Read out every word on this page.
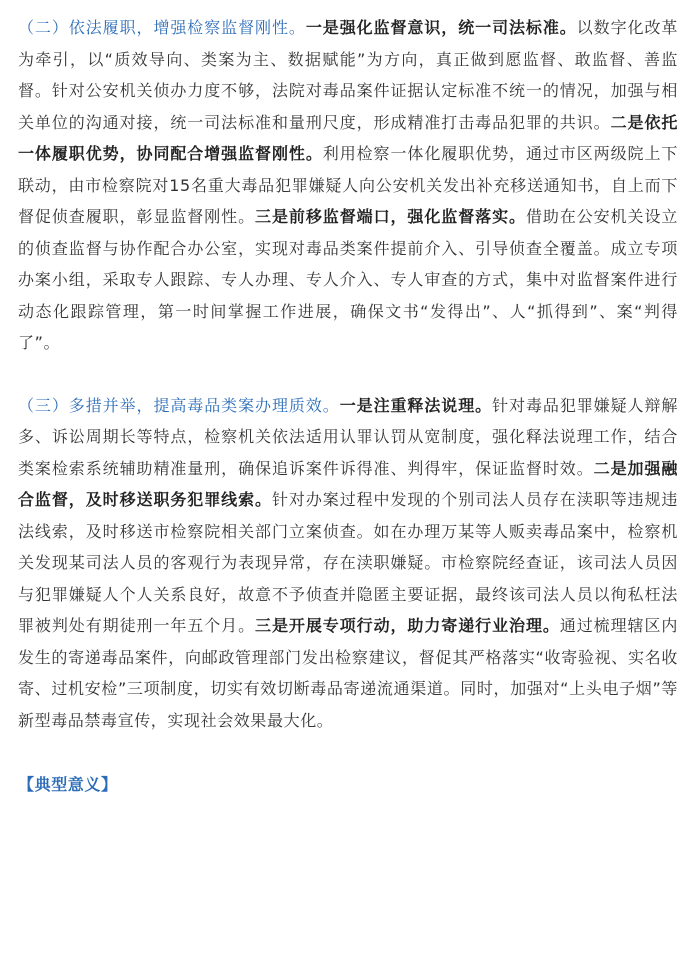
（二）依法履职，增强检察监督刚性。一是强化监督意识，统一司法标准。以数字化改革为牵引，以“质效导向、类案为主、数据赋能”为方向，真正做到愿监督、敢监督、善监督。针对公安机关侦办力度不够，法院对毒品案件证据认定标准不统一的情况，加强与相关单位的沟通对接，统一司法标准和量刑尺度，形成精准打击毒品犯罪的共识。二是依托一体履职优势，协同配合增强监督刚性。利用检察一体化履职优势，通过市区两级院上下联动，由市检察院对15名重大毒品犯罪嫌疑人向公安机关发出补充移送通知书，自上而下督促侦查履职，彰显监督刚性。三是前移监督端口，强化监督落实。借助在公安机关设立的侦查监督与协作配合办公室，实现对毒品类案件提前介入、引导侦查全覆盖。成立专项办案小组，采取专人跟踪、专人办理、专人介入、专人审查的方式，集中对监督案件进行动态化跟踪管理，第一时间掌握工作进展，确保文书“发得出”、人“抓得到”、案“判得了”。

（三）多措并举，提高毒品类案办理质效。一是注重释法说理。针对毒品犯罪嫌疑人辩解多、诉讼周期长等特点，检察机关依法适用认罪认罚从宽制度，强化释法说理工作，结合类案检索系统辅助精准量刑，确保追诉案件诉得准、判得牢，保证监督时效。二是加强融合监督，及时移送职务犯罪线索。针对办案过程中发现的个别司法人员存在渎职等违规违法线索，及时移送市检察院相关部门立案侦查。如在办理万某等人贩卖毒品案中，检察机关发现某司法人员的客观行为表现异常，存在渎职嫌疑。市检察院经查证，该司法人员因与犯罪嫌疑人个人关系良好，故意不予侦查并隐匿主要证据，最终该司法人员以徇私枉法罪被判处有期徒刑一年五个月。三是开展专项行动，助力寄递行业治理。通过梳理辖区内发生的寄递毒品案件，向邮政管理部门发出检察建议，督促其严格落实“收寄验视、实名收寄、过机安检”三项制度，切实有效切断毒品寄递流通渠道。同时，加强对“上头电子烟”等新型毒品禁毒宣传，实现社会效果最大化。

【典型意义】
